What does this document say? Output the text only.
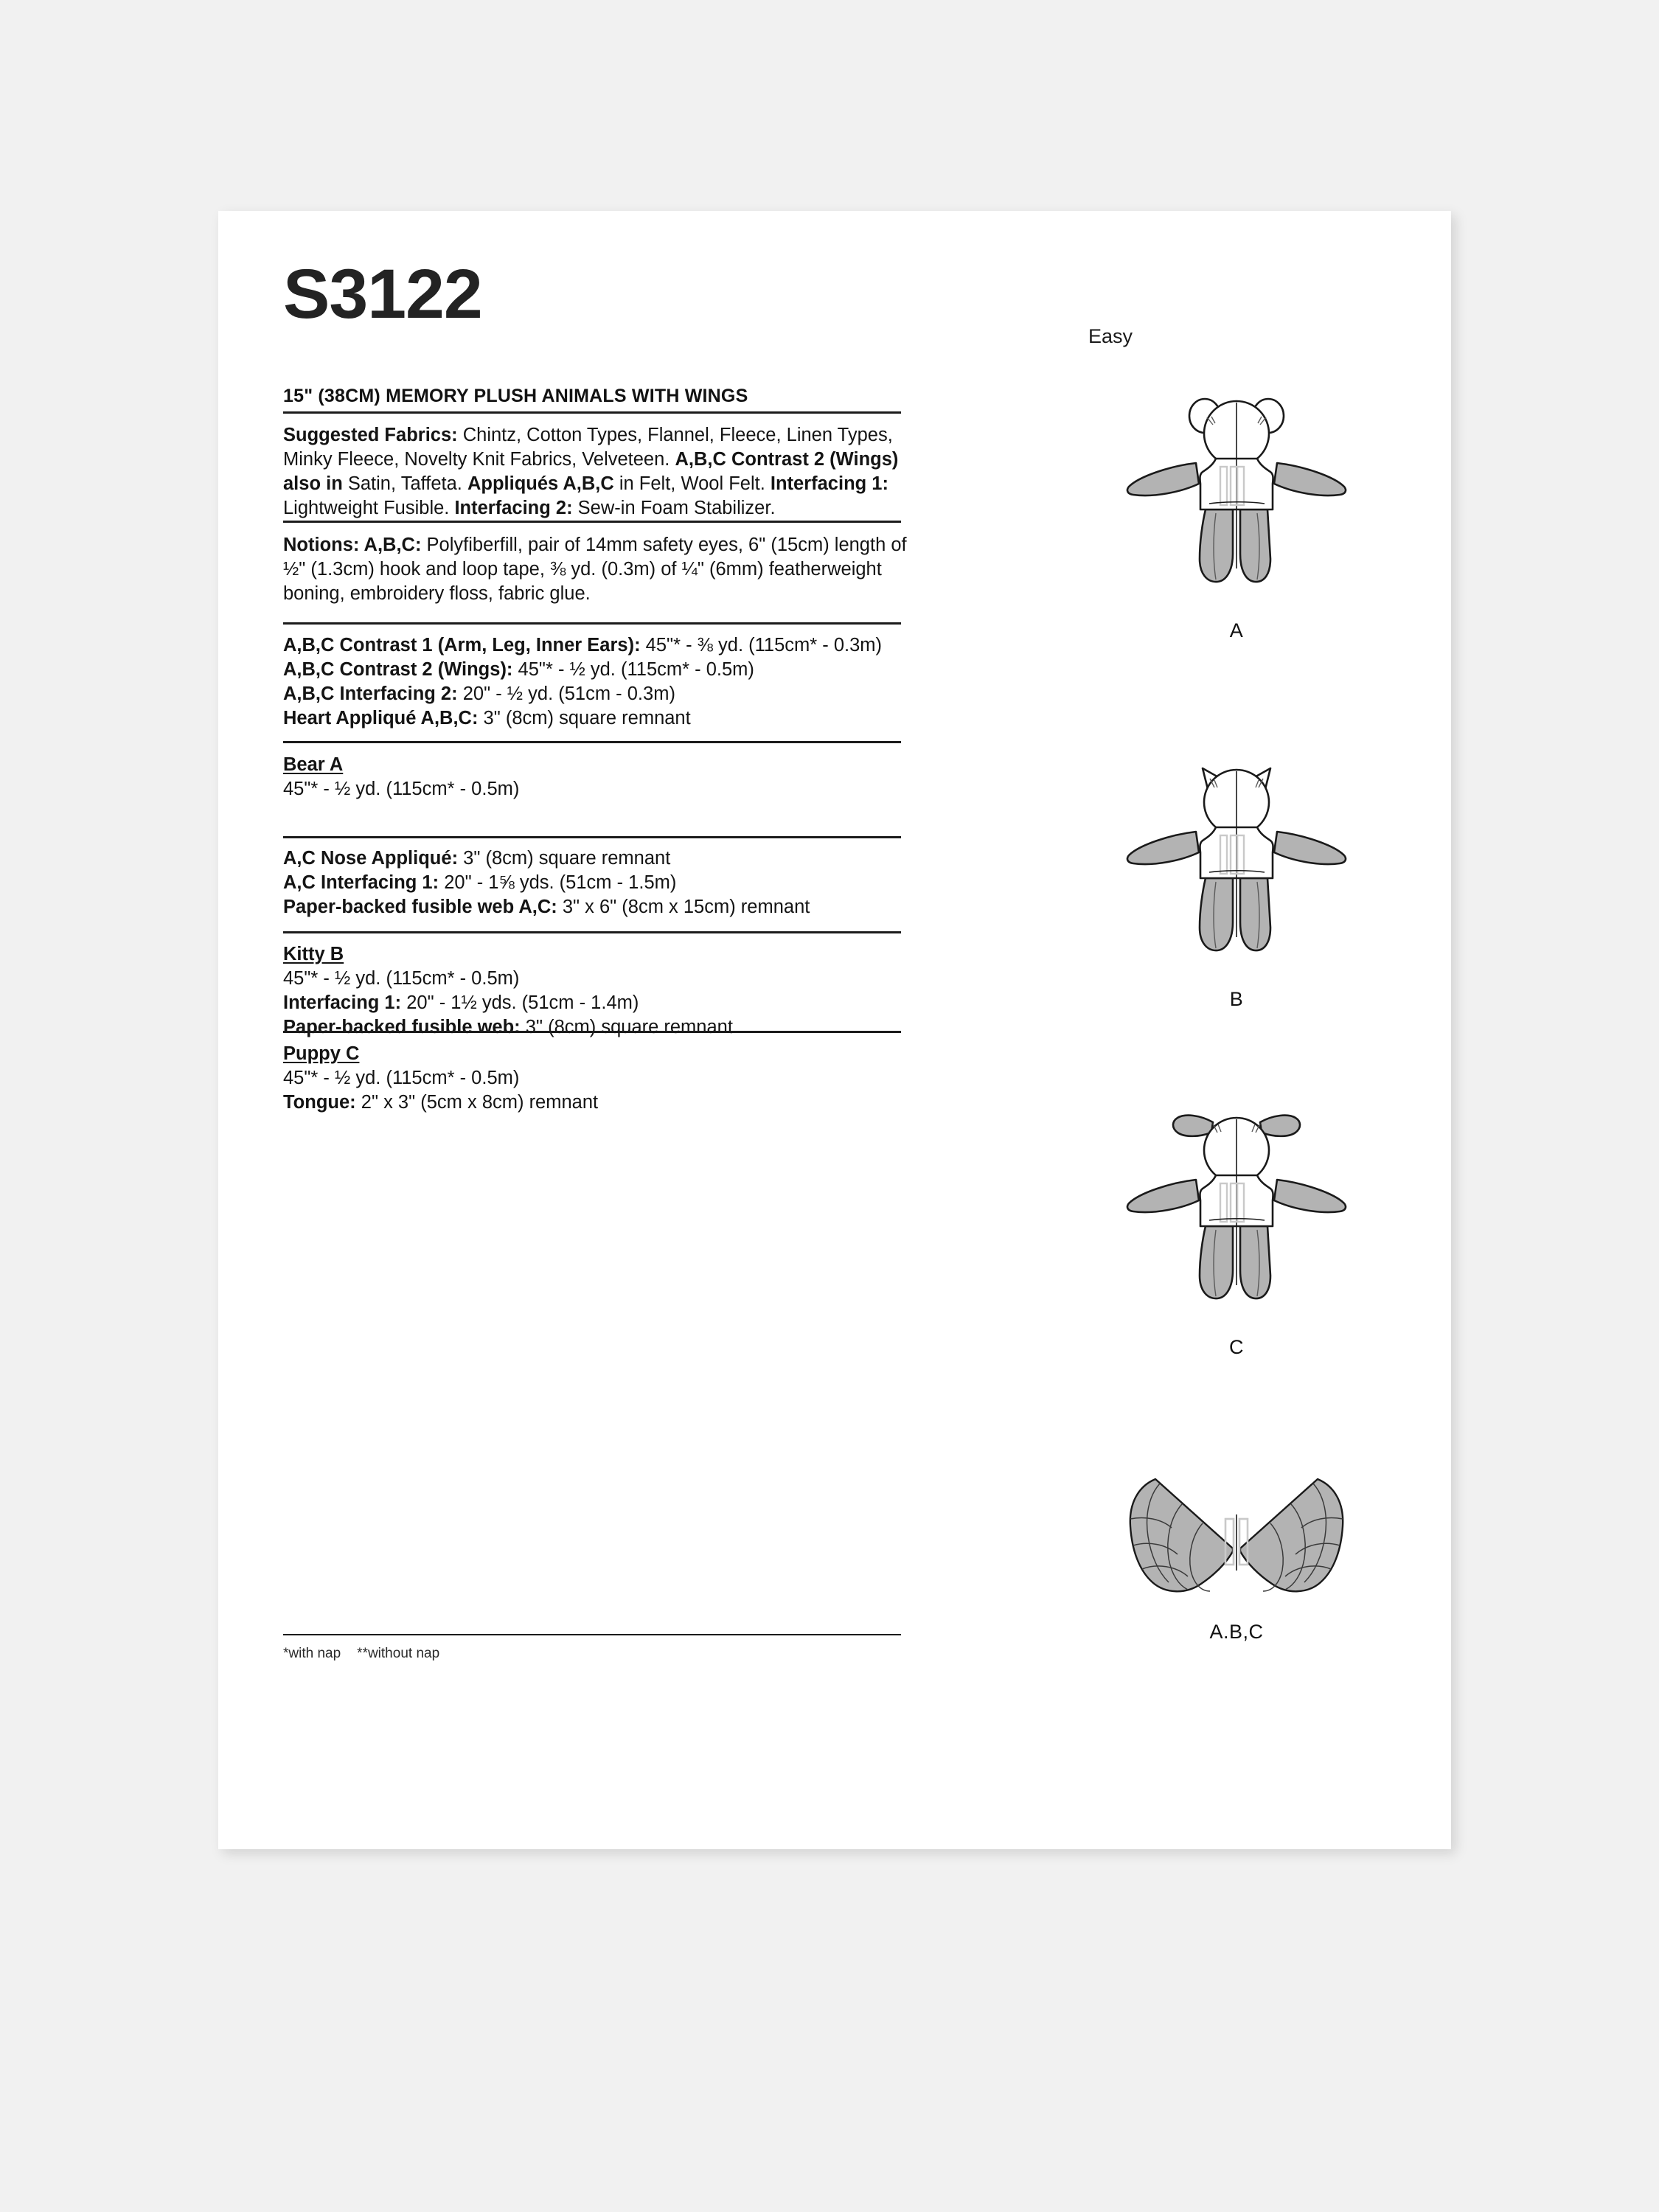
S3122
Easy
15" (38CM) MEMORY PLUSH ANIMALS WITH WINGS

Suggested Fabrics: Chintz, Cotton Types, Flannel, Fleece, Linen Types, Minky Fleece, Novelty Knit Fabrics, Velveteen. A,B,C Contrast 2 (Wings) also in Satin, Taffeta. Appliqués A,B,C in Felt, Wool Felt. Interfacing 1: Lightweight Fusible. Interfacing 2: Sew-in Foam Stabilizer.

Notions: A,B,C: Polyfiberfill, pair of 14mm safety eyes, 6" (15cm) length of ½" (1.3cm) hook and loop tape, ⅜ yd. (0.3m) of ¼" (6mm) featherweight boning, embroidery floss, fabric glue.

A,B,C Contrast 1 (Arm, Leg, Inner Ears): 45"* - ⅜ yd. (115cm* - 0.3m)

A,B,C Contrast 2 (Wings): 45"* - ½ yd. (115cm* - 0.5m)

A,B,C Interfacing 2: 20" - ½ yd. (51cm - 0.3m)

Heart Appliqué A,B,C: 3" (8cm) square remnant

Bear A

45"* - ½ yd. (115cm* - 0.5m)

A,C Nose Appliqué: 3" (8cm) square remnant

A,C Interfacing 1: 20" - 1⅝ yds. (51cm - 1.5m)

Paper-backed fusible web A,C: 3" x 6" (8cm x 15cm) remnant

Kitty B

45"* - ½ yd. (115cm* - 0.5m)

Interfacing 1: 20" - 1½ yds. (51cm - 1.4m)

Paper-backed fusible web: 3" (8cm) square remnant

Puppy C

45"* - ½ yd. (115cm* - 0.5m)

Tongue: 2" x 3" (5cm x 8cm) remnant

*with nap **without nap
A
B
C
A.B,C
